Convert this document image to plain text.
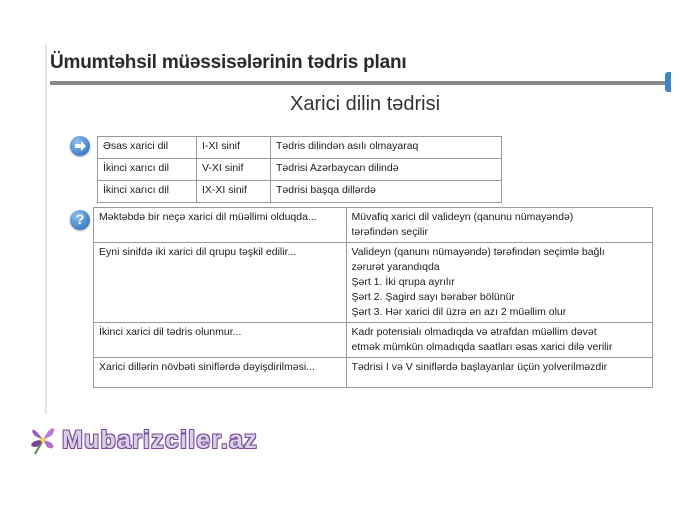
Ümumtəhsil müəssisələrinin tədris planı
Xarici dilin tədrisi
?
Əsas xarici dil	I-XI sinif	Tədris dilindən asılı olmayaraq
İkinci xarıcı dil	V-XI sinif	Tədrisi Azərbaycan dilində
İkinci xarıcı dil	IX-XI sinif	Tədrisi başqa dillərdə
Məktəbdə bir neçə xarici dil müəllimi olduqda...	Müvafiq xarici dil valideyn (qanunu nümayəndə)
tərəfindən seçilir

Eyni sinifdə iki xarici dil qrupu təşkil edilir...	Valideyn (qanunı nümayəndə) tərəfindən seçimlə bağlı
zərurət yarandıqda
Şərt 1. İki qrupa ayrılır
Şərt 2. Şagird sayı bərabər bölünür
Şərt 3. Hər xarici dil üzrə ən azı 2 müəllim olur

İkinci xarici dil tədris olunmur...	Kadr potensialı olmadıqda və ətrafdan müəllim dəvət
etmək mümkün olmadıqda saatları əsas xarici dilə verilir

Xarici dillərin növbəti siniflərdə dəyişdirilməsi...	Tədrisi I və V siniflərdə başlayanlar üçün yolverilməzdir
Mubarizciler.az
